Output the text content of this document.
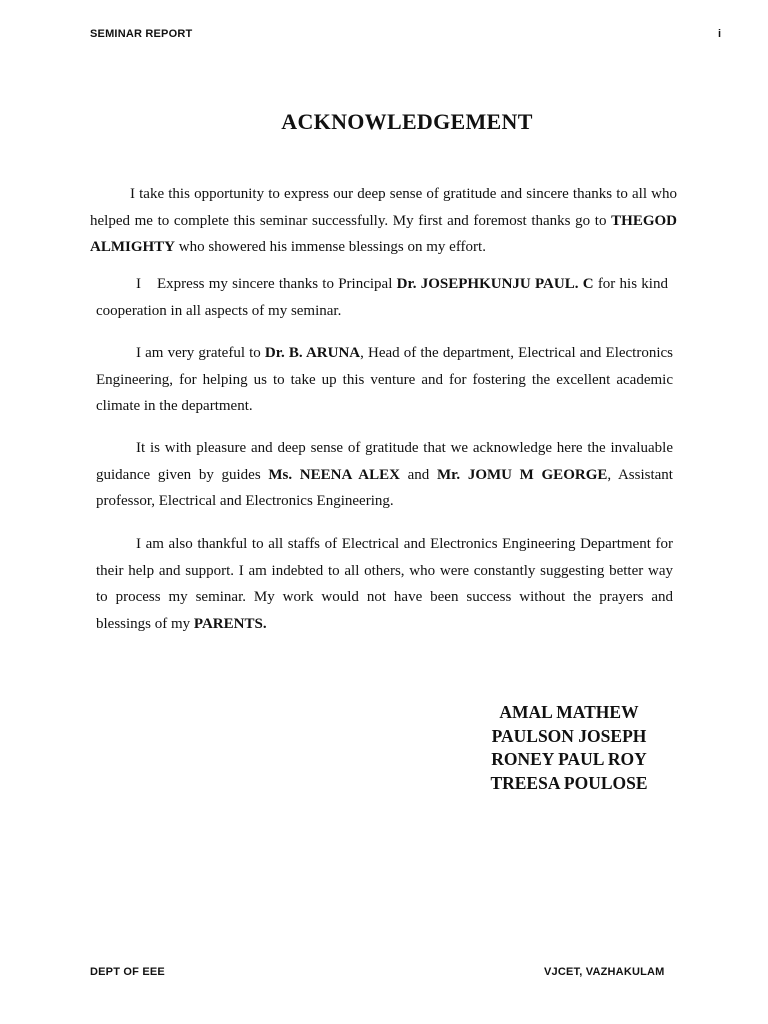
SEMINAR REPORT	i
ACKNOWLEDGEMENT

I take this opportunity to express our deep sense of gratitude and sincere thanks to all who helped me to complete this seminar successfully. My first and foremost thanks go to THEGOD ALMIGHTY who showered his immense blessings on my effort.

I Express my sincere thanks to Principal Dr. JOSEPHKUNJU PAUL. C for his kind cooperation in all aspects of my seminar.

I am very grateful to Dr. B. ARUNA, Head of the department, Electrical and Electronics Engineering, for helping us to take up this venture and for fostering the excellent academic climate in the department.

It is with pleasure and deep sense of gratitude that we acknowledge here the invaluable guidance given by guides Ms. NEENA ALEX and Mr. JOMU M GEORGE, Assistant professor, Electrical and Electronics Engineering.

I am also thankful to all staffs of Electrical and Electronics Engineering Department for their help and support. I am indebted to all others, who were constantly suggesting better way to process my seminar. My work would not have been success without the prayers and blessings of my PARENTS.

AMAL MATHEW
PAULSON JOSEPH
RONEY PAUL ROY
TREESA POULOSE
DEPT OF EEE	VJCET, VAZHAKULAM
